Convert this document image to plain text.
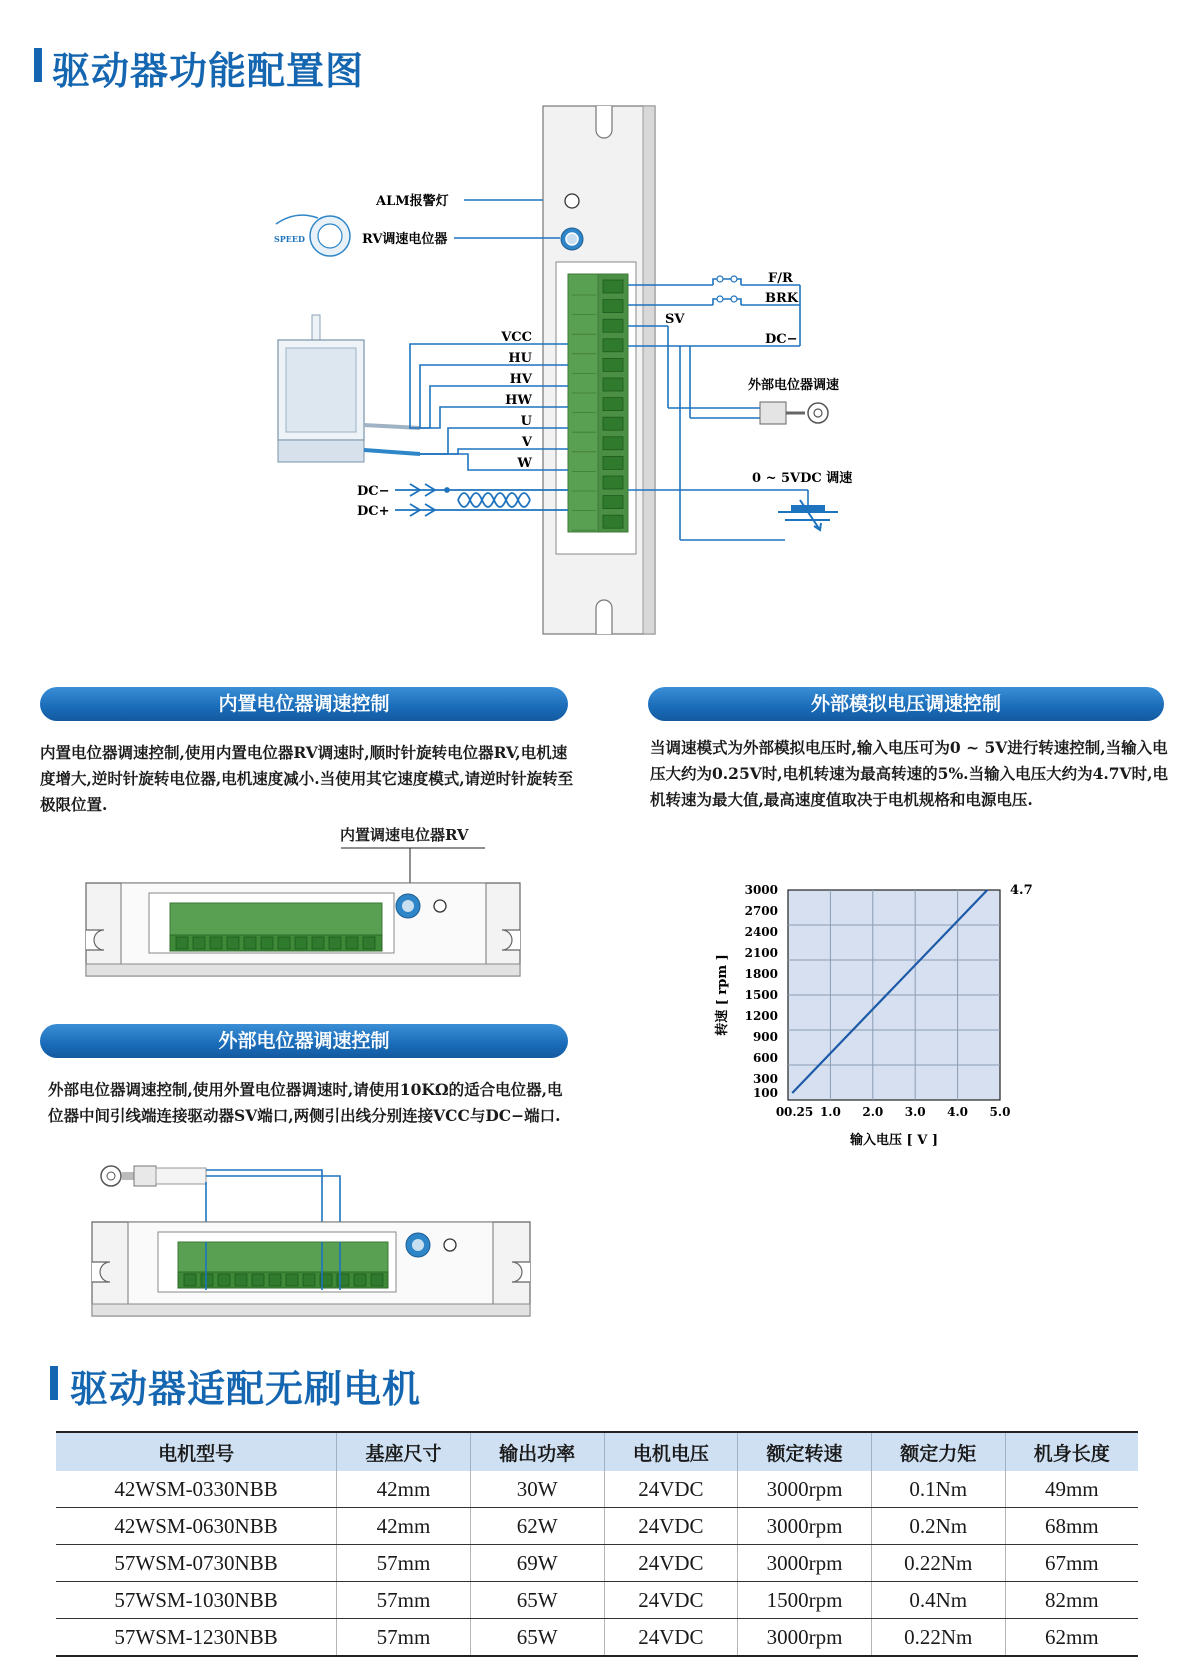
驱动器功能配置图
ALM报警灯
RV调速电位器
SPEED
VCC
HU
HV
HW
U
V
W
DC−
DC+
F/R
BRK
SV
DC−
外部电位器调速
0 ~ 5VDC 调速
内置电位器调速控制
内置电位器调速控制,使用内置电位器RV调速时,顺时针旋转电位器RV,电机速度增大,逆时针旋转电位器,电机速度减小.当使用其它速度模式,请逆时针旋转至极限位置.
内置调速电位器RV
外部电位器调速控制
外部电位器调速控制,使用外置电位器调速时,请使用10KΩ的适合电位器,电位器中间引线端连接驱动器SV端口,两侧引出线分别连接VCC与DC−端口.
外部模拟电压调速控制
当调速模式为外部模拟电压时,输入电压可为0 ~ 5V进行转速控制,当输入电压大约为0.25V时,电机转速为最高转速的5%.当输入电压大约为4.7V时,电机转速为最大值,最高速度值取决于电机规格和电源电压.
0 0.25 1.0 2.0 3.0 4.0 5.0
100
300
600
900
1200
1500
1800
2100
2400
2700
3000	4.7
输入电压 [ V ]
转速 [ rpm ]
驱动器适配无刷电机
电机型号	基座尺寸	输出功率	电机电压	额定转速	额定力矩	机身长度
42WSM-0330NBB	42mm	30W	24VDC	3000rpm	0.1Nm	49mm
42WSM-0630NBB	42mm	62W	24VDC	3000rpm	0.2Nm	68mm
57WSM-0730NBB	57mm	69W	24VDC	3000rpm	0.22Nm	67mm
57WSM-1030NBB	57mm	65W	24VDC	1500rpm	0.4Nm	82mm
57WSM-1230NBB	57mm	65W	24VDC	3000rpm	0.22Nm	62mm
